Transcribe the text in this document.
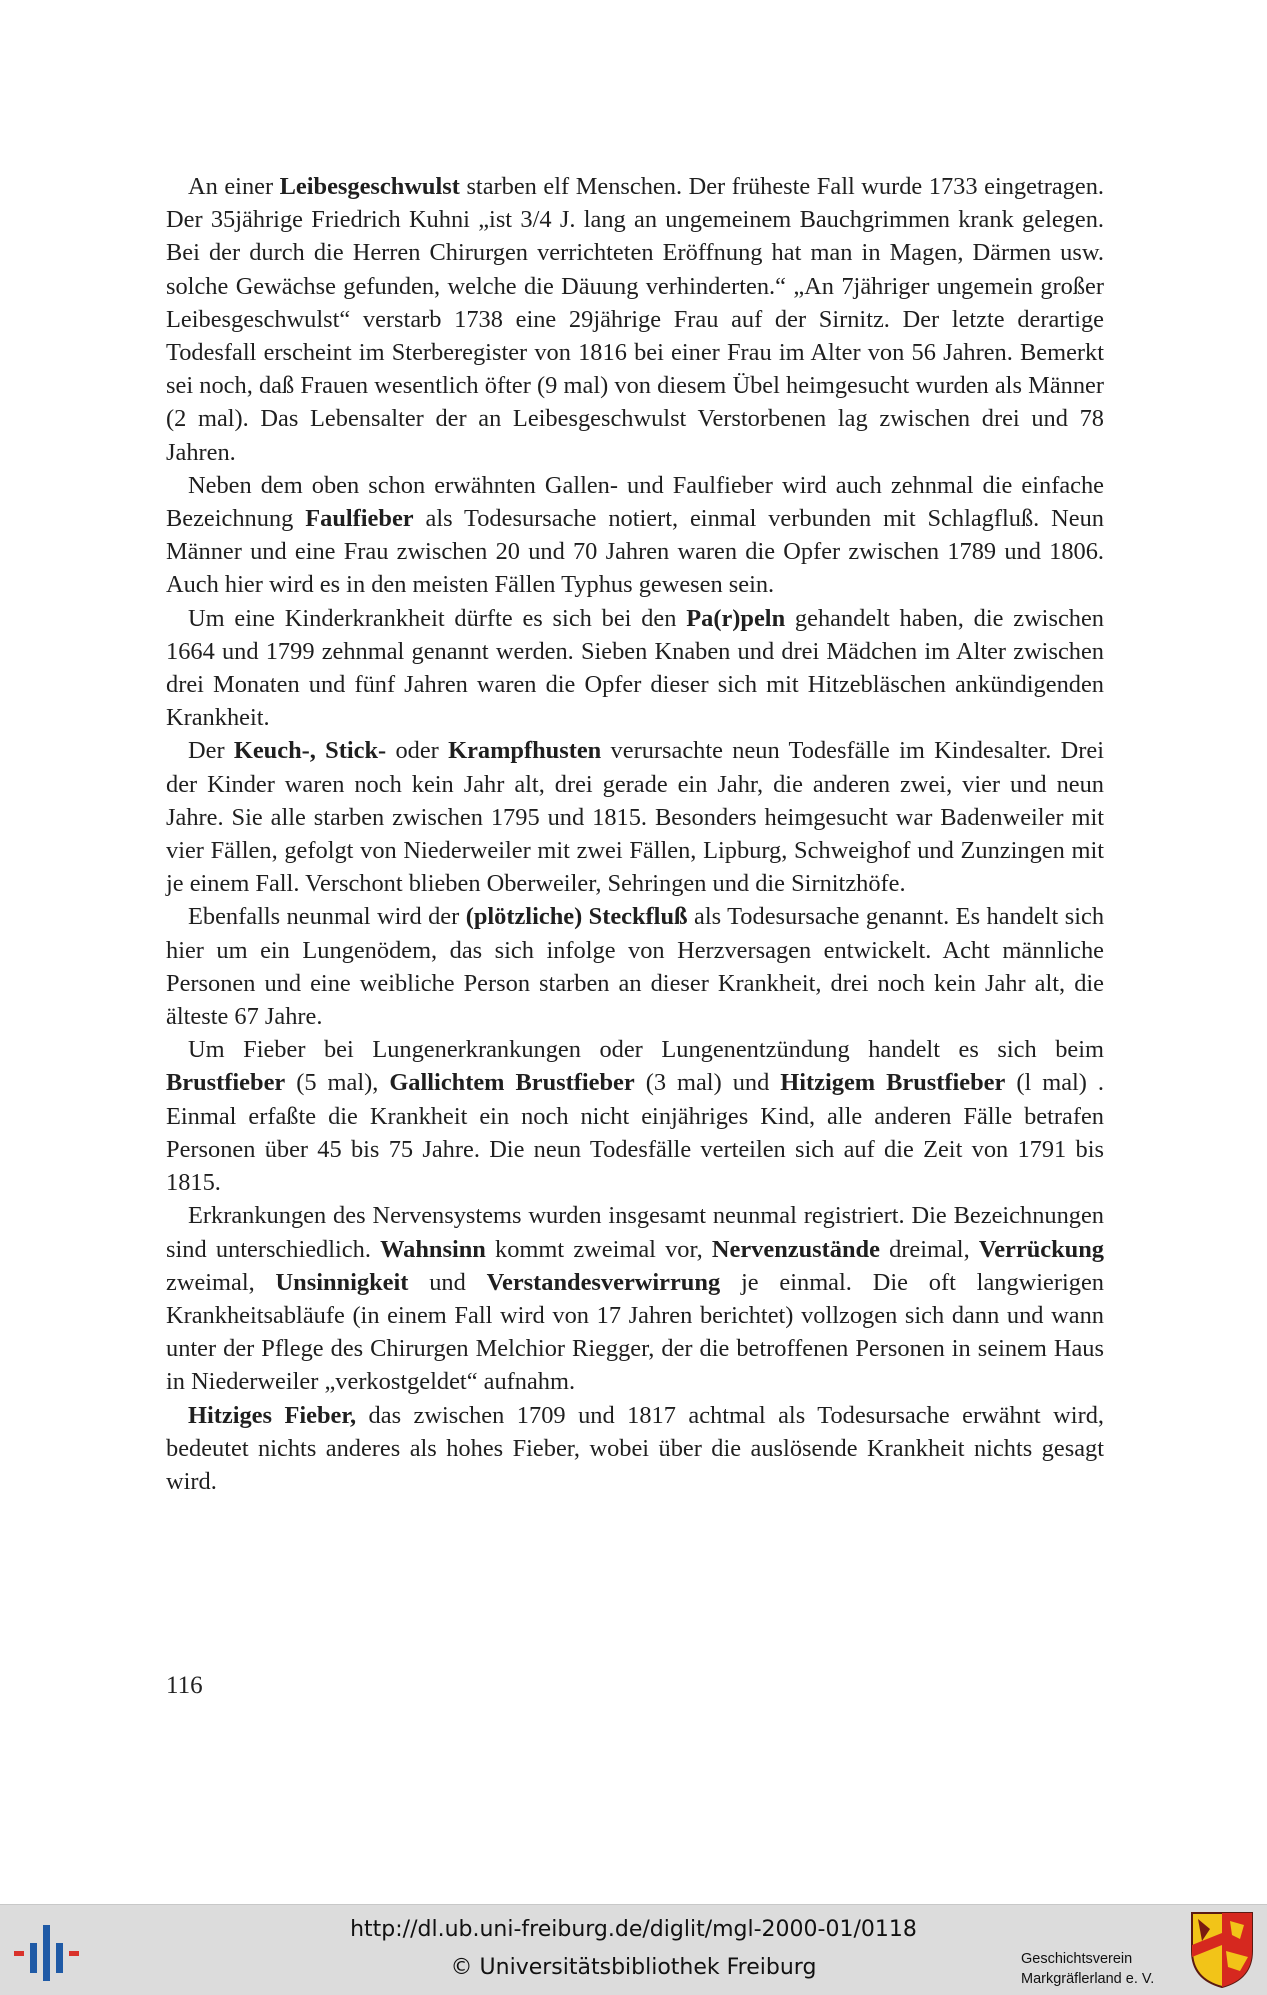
An einer Leibesgeschwulst starben elf Menschen. Der früheste Fall wurde 1733 eingetragen. Der 35jährige Friedrich Kuhni „ist 3/4 J. lang an ungemeinem Bauchgrimmen krank gelegen. Bei der durch die Herren Chirurgen verrichteten Eröffnung hat man in Magen, Därmen usw. solche Gewächse gefunden, welche die Däuung verhinderten.“ „An 7jähriger ungemein großer Leibesgeschwulst“ verstarb 1738 eine 29jährige Frau auf der Sirnitz. Der letzte derartige Todesfall erscheint im Sterberegister von 1816 bei einer Frau im Alter von 56 Jahren. Bemerkt sei noch, daß Frauen wesentlich öfter (9 mal) von diesem Übel heimgesucht wurden als Männer (2 mal). Das Lebensalter der an Leibesgeschwulst Verstorbenen lag zwischen drei und 78 Jahren.

Neben dem oben schon erwähnten Gallen- und Faulfieber wird auch zehnmal die einfache Bezeichnung Faulfieber als Todesursache notiert, einmal verbunden mit Schlagfluß. Neun Männer und eine Frau zwischen 20 und 70 Jahren waren die Opfer zwischen 1789 und 1806. Auch hier wird es in den meisten Fällen Typhus gewesen sein.

Um eine Kinderkrankheit dürfte es sich bei den Pa(r)peln gehandelt haben, die zwischen 1664 und 1799 zehnmal genannt werden. Sieben Knaben und drei Mädchen im Alter zwischen drei Monaten und fünf Jahren waren die Opfer dieser sich mit Hitzebläschen ankündigenden Krankheit.

Der Keuch-, Stick- oder Krampfhusten verursachte neun Todesfälle im Kindesalter. Drei der Kinder waren noch kein Jahr alt, drei gerade ein Jahr, die anderen zwei, vier und neun Jahre. Sie alle starben zwischen 1795 und 1815. Besonders heimgesucht war Badenweiler mit vier Fällen, gefolgt von Niederweiler mit zwei Fällen, Lipburg, Schweighof und Zunzingen mit je einem Fall. Verschont blieben Oberweiler, Sehringen und die Sirnitzhöfe.

Ebenfalls neunmal wird der (plötzliche) Steckfluß als Todesursache genannt. Es handelt sich hier um ein Lungenödem, das sich infolge von Herzversagen entwickelt. Acht männliche Personen und eine weibliche Person starben an dieser Krankheit, drei noch kein Jahr alt, die älteste 67 Jahre.

Um Fieber bei Lungenerkrankungen oder Lungenentzündung handelt es sich beim Brustfieber (5 mal), Gallichtem Brustfieber (3 mal) und Hitzigem Brustfieber (l mal) . Einmal erfaßte die Krankheit ein noch nicht einjähriges Kind, alle anderen Fälle betrafen Personen über 45 bis 75 Jahre. Die neun Todesfälle verteilen sich auf die Zeit von 1791 bis 1815.

Erkrankungen des Nervensystems wurden insgesamt neunmal registriert. Die Bezeichnungen sind unterschiedlich. Wahnsinn kommt zweimal vor, Nervenzustände dreimal, Verrückung zweimal, Unsinnigkeit und Verstandesverwirrung je einmal. Die oft langwierigen Krankheitsabläufe (in einem Fall wird von 17 Jahren berichtet) vollzogen sich dann und wann unter der Pflege des Chirurgen Melchior Riegger, der die betroffenen Personen in seinem Haus in Niederweiler „verkostgeldet“ aufnahm.

Hitziges Fieber, das zwischen 1709 und 1817 achtmal als Todesursache erwähnt wird, bedeutet nichts anderes als hohes Fieber, wobei über die auslösende Krankheit nichts gesagt wird.

116
http://dl.ub.uni-freiburg.de/diglit/mgl-2000-01/0118
© Universitätsbibliothek Freiburg	Geschichtsverein
Markgräflerland e. V.
